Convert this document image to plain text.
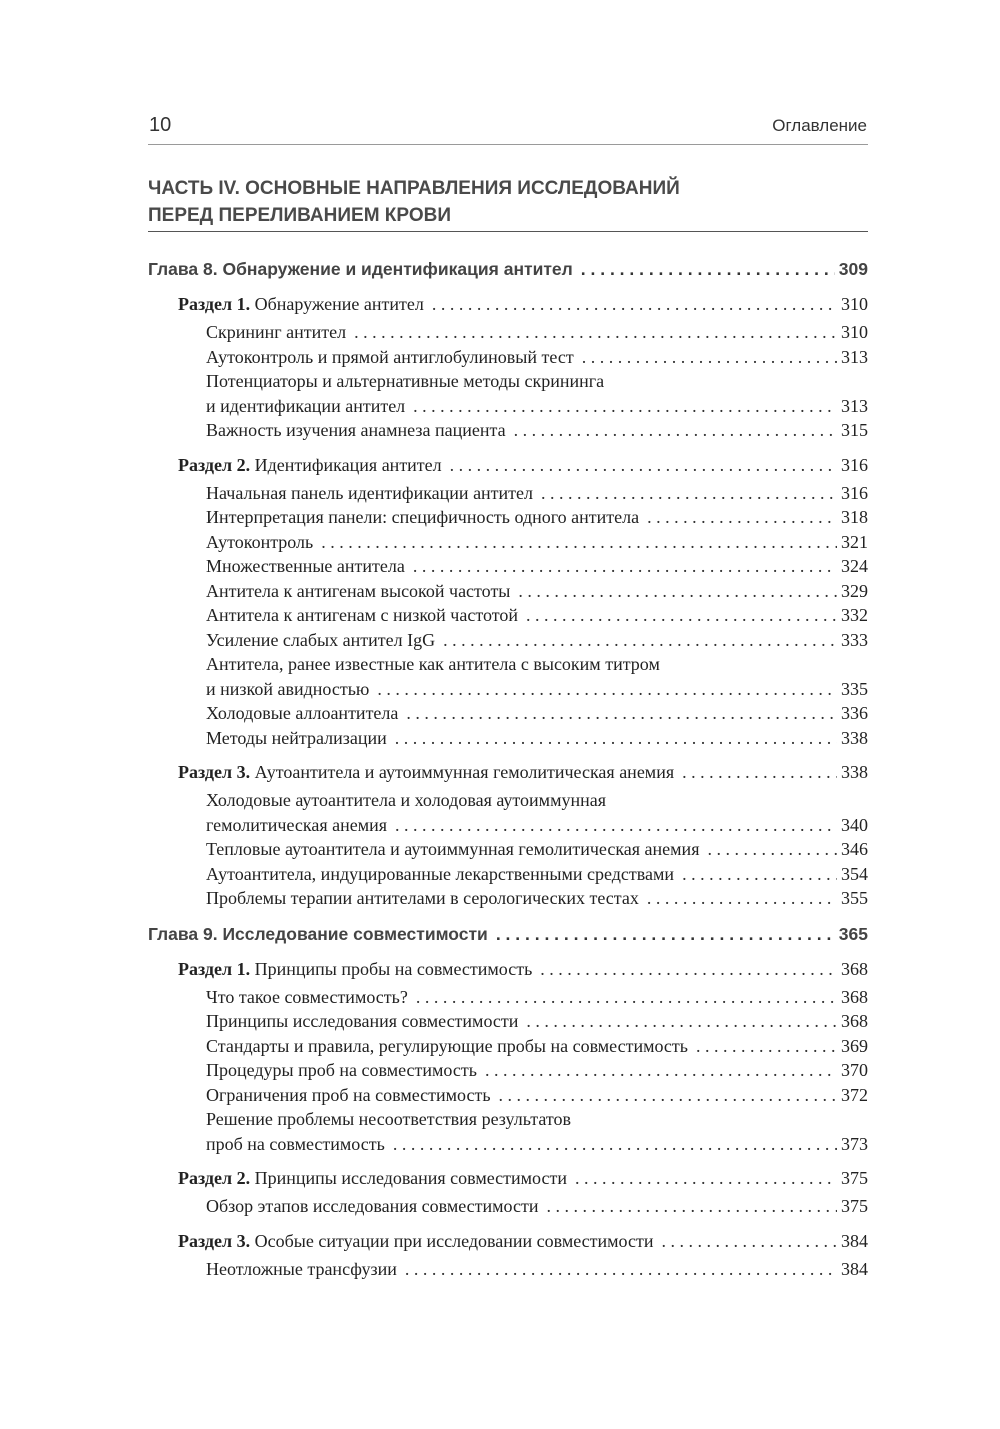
10	Оглавление
ЧАСТЬ IV. ОСНОВНЫЕ НАПРАВЛЕНИЯ ИССЛЕДОВАНИЙ
ПЕРЕД ПЕРЕЛИВАНИЕМ КРОВИ
Глава 8. Обнаружение и идентификация антител . . .	309
Раздел 1. Обнаружение антител . . .	310
Скрининг антител . . .	310
Аутоконтроль и прямой антиглобулиновый тест . . .	313
Потенциаторы и альтернативные методы скрининга
и идентификации антител . . .	313
Важность изучения анамнеза пациента . . .	315
Раздел 2. Идентификация антител . . .	316
Начальная панель идентификации антител . . .	316
Интерпретация панели: специфичность одного антитела . . .	318
Аутоконтроль . . .	321
Множественные антитела . . .	324
Антитела к антигенам высокой частоты . . .	329
Антитела к антигенам с низкой частотой . . .	332
Усиление слабых антител IgG . . .	333
Антитела, ранее известные как антитела с высоким титром
и низкой авидностью . . .	335
Холодовые аллоантитела . . .	336
Методы нейтрализации . . .	338
Раздел 3. Аутоантитела и аутоиммунная гемолитическая анемия . . .	338
Холодовые аутоантитела и холодовая аутоиммунная
гемолитическая анемия . . .	340
Тепловые аутоантитела и аутоиммунная гемолитическая анемия . . .	346
Аутоантитела, индуцированные лекарственными средствами . . .	354
Проблемы терапии антителами в серологических тестах . . .	355
Глава 9. Исследование совместимости . . .	365
Раздел 1. Принципы пробы на совместимость . . .	368
Что такое совместимость? . . .	368
Принципы исследования совместимости . . .	368
Стандарты и правила, регулирующие пробы на совместимость . . .	369
Процедуры проб на совместимость . . .	370
Ограничения проб на совместимость . . .	372
Решение проблемы несоответствия результатов
проб на совместимость . . .	373
Раздел 2. Принципы исследования совместимости . . .	375
Обзор этапов исследования совместимости . . .	375
Раздел 3. Особые ситуации при исследовании совместимости . . .	384
Неотложные трансфузии . . .	384
